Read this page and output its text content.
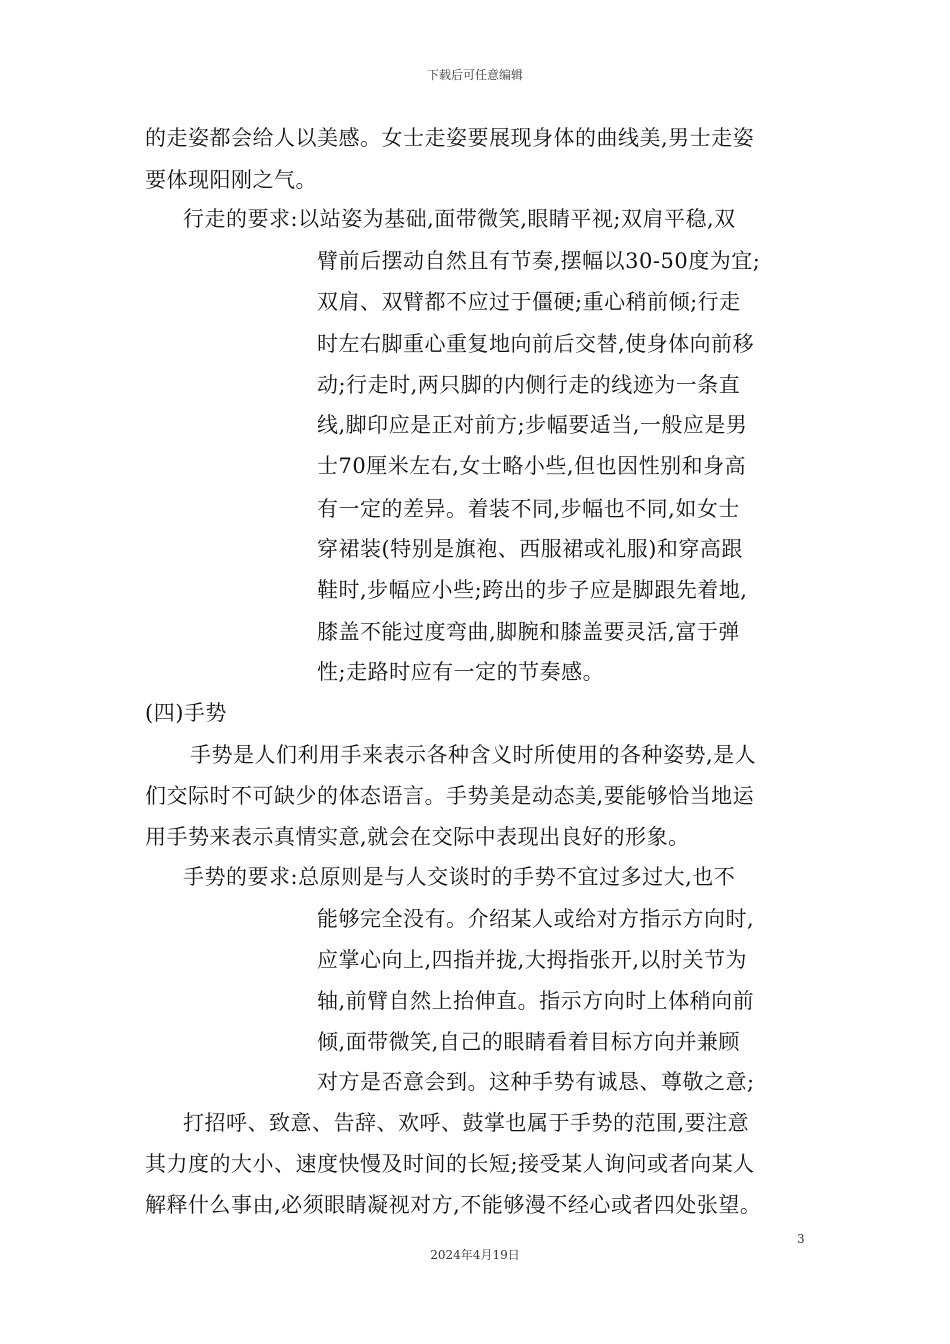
下载后可任意编辑
的走姿都会给人以美感。女士走姿要展现身体的曲线美,男士走姿
要体现阳刚之气。
行走的要求:以站姿为基础,面带微笑,眼睛平视;双肩平稳,双
臂前后摆动自然且有节奏,摆幅以30-50度为宜;
双肩、双臂都不应过于僵硬;重心稍前倾;行走
时左右脚重心重复地向前后交替,使身体向前移
动;行走时,两只脚的内侧行走的线迹为一条直
线,脚印应是正对前方;步幅要适当,一般应是男
士70厘米左右,女士略小些,但也因性别和身高
有一定的差异。着装不同,步幅也不同,如女士
穿裙装(特别是旗袍、西服裙或礼服)和穿高跟
鞋时,步幅应小些;跨出的步子应是脚跟先着地,
膝盖不能过度弯曲,脚腕和膝盖要灵活,富于弹
性;走路时应有一定的节奏感。
(四)手势
手势是人们利用手来表示各种含义时所使用的各种姿势,是人
们交际时不可缺少的体态语言。手势美是动态美,要能够恰当地运
用手势来表示真情实意,就会在交际中表现出良好的形象。
手势的要求:总原则是与人交谈时的手势不宜过多过大,也不
能够完全没有。介绍某人或给对方指示方向时,
应掌心向上,四指并拢,大拇指张开,以肘关节为
轴,前臂自然上抬伸直。指示方向时上体稍向前
倾,面带微笑,自己的眼睛看着目标方向并兼顾
对方是否意会到。这种手势有诚恳、尊敬之意;
打招呼、致意、告辞、欢呼、鼓掌也属于手势的范围,要注意
其力度的大小、速度快慢及时间的长短;接受某人询问或者向某人
解释什么事由,必须眼睛凝视对方,不能够漫不经心或者四处张望。
3
2024年4月19日
